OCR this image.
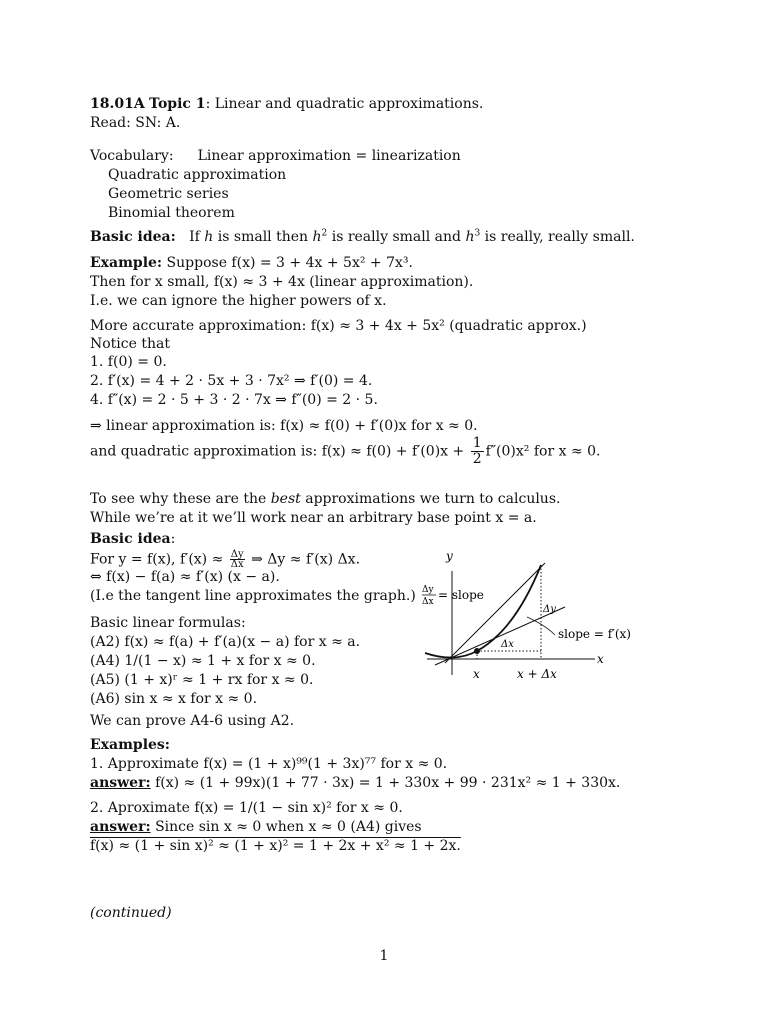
18.01A Topic 1: Linear and quadratic approximations.
Read: SN: A.
Vocabulary: Linear approximation = linearization
Quadratic approximation
Geometric series
Binomial theorem
Basic idea: If h is small then $h^2$ is really small and $h^3$ is really, really small.
Example: Suppose f(x) = 3 + 4x + 5x² + 7x³.
Then for x small, f(x) ≈ 3 + 4x (linear approximation).
I.e. we can ignore the higher powers of x.
More accurate approximation: f(x) ≈ 3 + 4x + 5x² (quadratic approx.)
Notice that
1. f(0) = 0.
2. f′(x) = 4 + 2 · 5x + 3 · 7x² ⇒ f′(0) = 4.
4. f″(x) = 2 · 5 + 3 · 2 · 7x ⇒ f″(0) = 2 · 5.
⇒ linear approximation is: f(x) ≈ f(0) + f′(0)x for x ≈ 0.
and quadratic approximation is: $f(x) \approx f(0) + f'(0)x + \frac{1}{2} f''(0)x^2$ for x ≈ 0.
To see why these are the best approximations we turn to calculus.
While we’re at it we’ll work near an arbitrary base point x = a.
Basic idea:
For y = f(x), $f'(x) \approx \frac{\Delta y}{\Delta x}$ ⇒ Δy ≈ f′(x) Δx.
⇔ f(x) − f(a) ≈ f′(x) (x − a).
(I.e the tangent line approximates the graph.)
Basic linear formulas:
(A2) f(x) ≈ f(a) + f′(a)(x − a) for x ≈ a.
(A4) 1/(1 − x) ≈ 1 + x for x ≈ 0.
(A5) (1 + x)ʳ ≈ 1 + rx for x ≈ 0.
(A6) sin x ≈ x for x ≈ 0.
We can prove A4-6 using A2.
y
x
x	x + Δx
Δy
Δx = slope
Δy
Δx
slope = f′(x)
Examples:
1. Approximate f(x) = (1 + x)⁹⁹(1 + 3x)⁷⁷ for x ≈ 0.
answer: f(x) ≈ (1 + 99x)(1 + 77 · 3x) = 1 + 330x + 99 · 231x² ≈ 1 + 330x.
2. Aproximate f(x) = 1/(1 − sin x)² for x ≈ 0.
answer: Since sin x ≈ 0 when x ≈ 0 (A4) gives
f(x) ≈ (1 + sin x)² ≈ (1 + x)² = 1 + 2x + x² ≈ 1 + 2x.
(continued)
1
